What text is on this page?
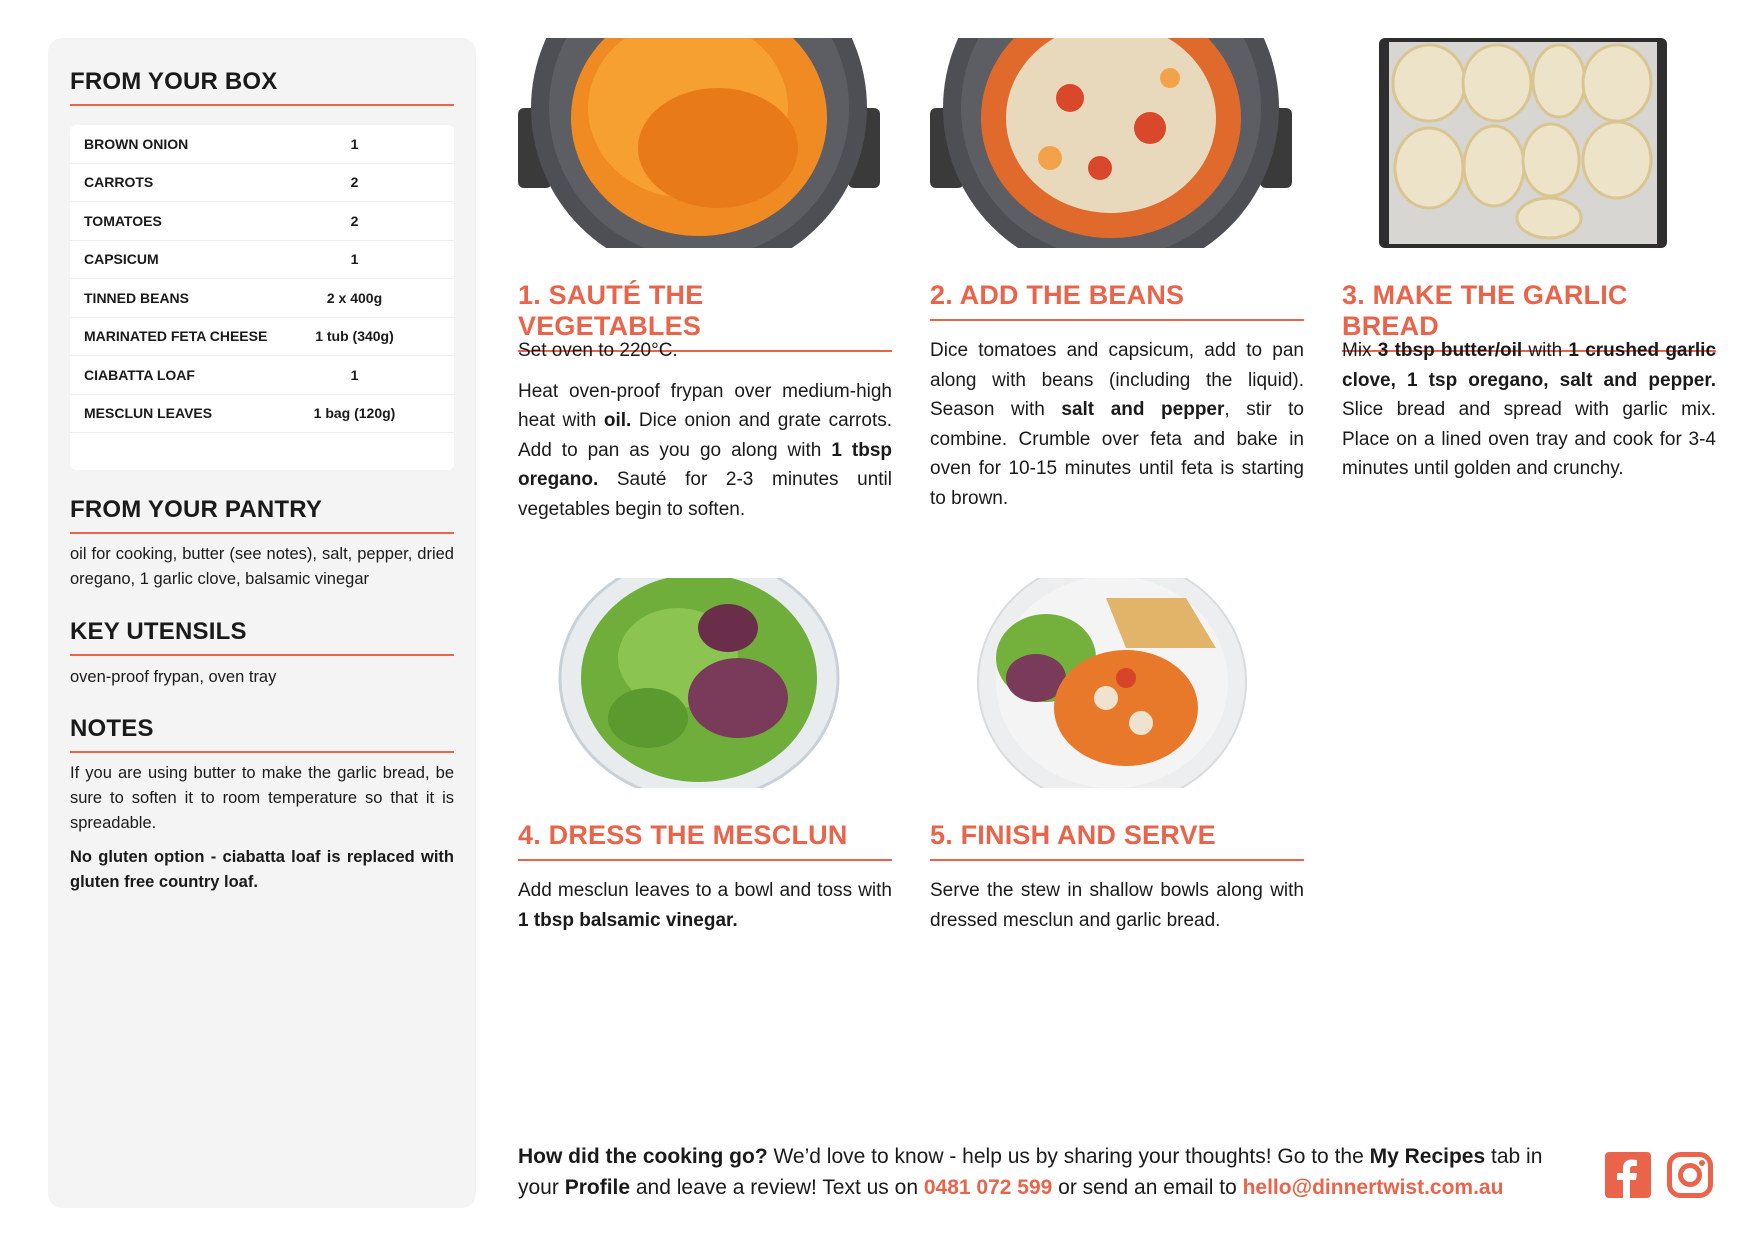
FROM YOUR BOX
BROWN ONION	1
CARROTS	2
TOMATOES	2
CAPSICUM	1
TINNED BEANS	2 x 400g
MARINATED FETA CHEESE	1 tub (340g)
CIABATTA LOAF	1
MESCLUN LEAVES	1 bag (120g)
FROM YOUR PANTRY
oil for cooking, butter (see notes), salt, pepper, dried oregano, 1 garlic clove, balsamic vinegar
KEY UTENSILS
oven-proof frypan, oven tray
NOTES
If you are using butter to make the garlic bread, be sure to soften it to room temperature so that it is spreadable.
No gluten option - ciabatta loaf is replaced with gluten free country loaf.
1. SAUTÉ THE VEGETABLES

Set oven to 220°C.

Heat oven-proof frypan over medium-high heat with oil. Dice onion and grate carrots. Add to pan as you go along with 1 tbsp oregano. Sauté for 2-3 minutes until vegetables begin to soften.

2. ADD THE BEANS

Dice tomatoes and capsicum, add to pan along with beans (including the liquid). Season with salt and pepper, stir to combine. Crumble over feta and bake in oven for 10-15 minutes until feta is starting to brown.

3. MAKE THE GARLIC BREAD

Mix 3 tbsp butter/oil with 1 crushed garlic clove, 1 tsp oregano, salt and pepper. Slice bread and spread with garlic mix. Place on a lined oven tray and cook for 3-4 minutes until golden and crunchy.

4. DRESS THE MESCLUN

Add mesclun leaves to a bowl and toss with 1 tbsp balsamic vinegar.

5. FINISH AND SERVE

Serve the stew in shallow bowls along with dressed mesclun and garlic bread.

How did the cooking go? We’d love to know - help us by sharing your thoughts! Go to the My Recipes tab in your Profile and leave a review! Text us on 0481 072 599 or send an email to hello@dinnertwist.com.au
